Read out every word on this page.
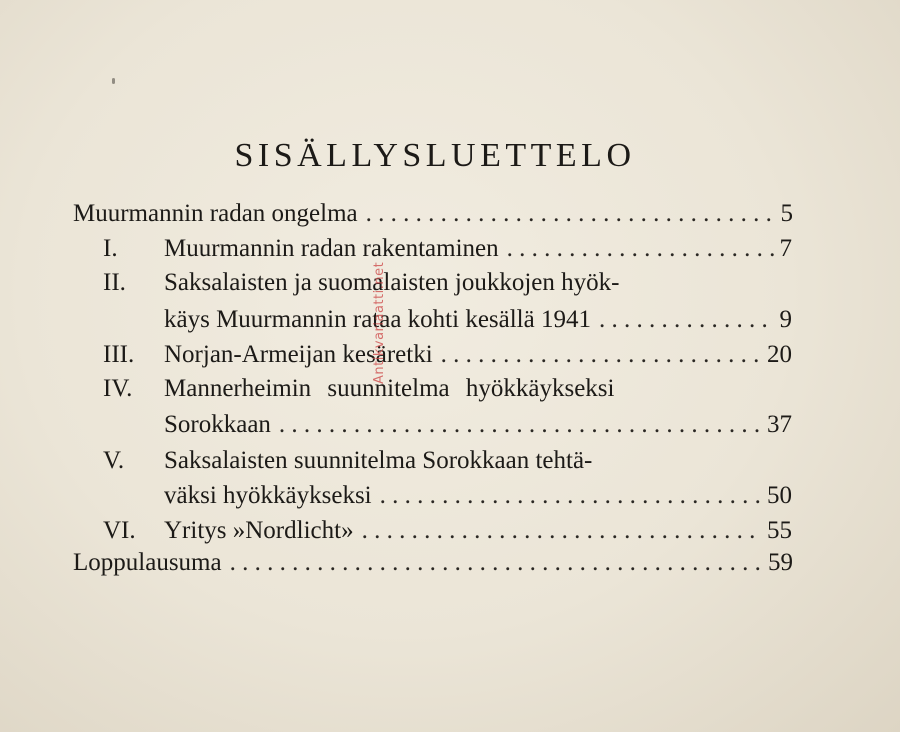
SISÄLLYSLUETTELO
Muurmannin radan ongelma . . .	5
I. Muurmannin radan rakentaminen . . .	7
II. Saksalaisten ja suomalaisten joukkojen hyök-
käys Muurmannin rataa kohti kesällä 1941 . . .	9
III. Norjan-Armeijan kesäretki . . .	20
IV. Mannerheimin suunnitelma hyökkäykseksi
Sorokkaan . . .	37
V. Saksalaisten suunnitelma Sorokkaan tehtä-
väksi hyökkäykseksi . . .	50
VI. Yritys »Nordlicht» . . .	55
Loppulausuma . . .	59
Antikvariaatti.net
